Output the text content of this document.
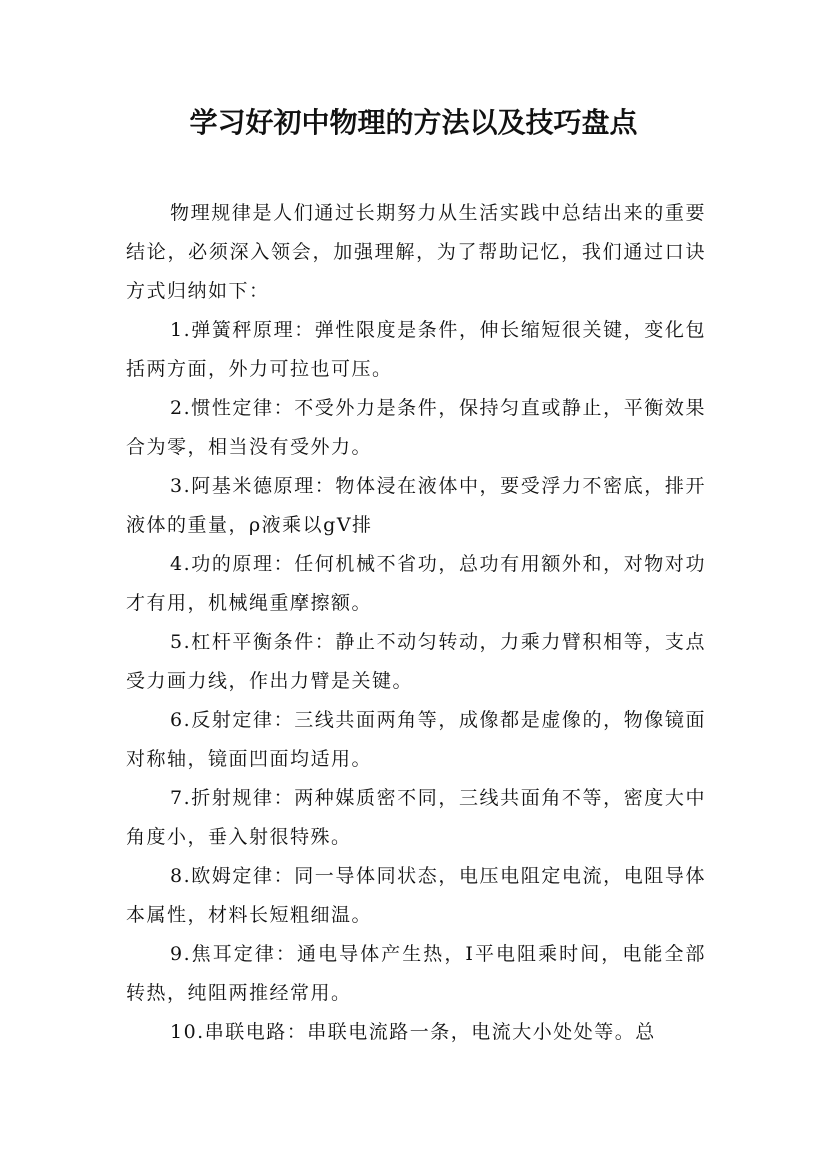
学习好初中物理的方法以及技巧盘点

物理规律是人们通过长期努力从生活实践中总结出来的重要结论，必须深入领会，加强理解，为了帮助记忆，我们通过口诀方式归纳如下：

1.弹簧秤原理：弹性限度是条件，伸长缩短很关键，变化包括两方面，外力可拉也可压。

2.惯性定律：不受外力是条件，保持匀直或静止，平衡效果合为零，相当没有受外力。

3.阿基米德原理：物体浸在液体中，要受浮力不密底，排开液体的重量，ρ液乘以gV排

4.功的原理：任何机械不省功，总功有用额外和，对物对功才有用，机械绳重摩擦额。

5.杠杆平衡条件：静止不动匀转动，力乘力臂积相等，支点受力画力线，作出力臂是关键。

6.反射定律：三线共面两角等，成像都是虚像的，物像镜面对称轴，镜面凹面均适用。

7.折射规律：两种媒质密不同，三线共面角不等，密度大中角度小，垂入射很特殊。

8.欧姆定律：同一导体同状态，电压电阻定电流，电阻导体本属性，材料长短粗细温。

9.焦耳定律：通电导体产生热，I平电阻乘时间，电能全部转热，纯阻两推经常用。

10.串联电路：串联电流路一条，电流大小处处等。总
